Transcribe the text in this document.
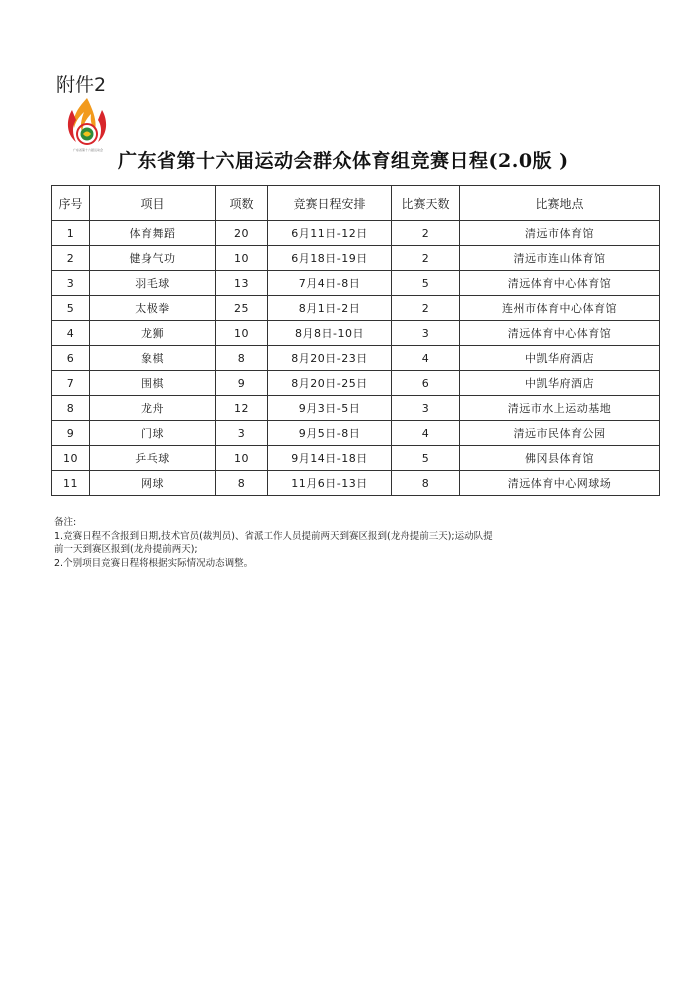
附件2
广东省第十六届运动会 广东省第十六届运动会群众体育组竞赛日程(2.0版 )
序号	项目	项数	竞赛日程安排	比赛天数	比赛地点
1	体育舞蹈	20	6月11日-12日	2	清远市体育馆
2	健身气功	10	6月18日-19日	2	清远市连山体育馆
3	羽毛球	13	7月4日-8日	5	清远体育中心体育馆
5	太极拳	25	8月1日-2日	2	连州市体育中心体育馆
4	龙狮	10	8月8日-10日	3	清远体育中心体育馆
6	象棋	8	8月20日-23日	4	中凯华府酒店
7	围棋	9	8月20日-25日	6	中凯华府酒店
8	龙舟	12	9月3日-5日	3	清远市水上运动基地
9	门球	3	9月5日-8日	4	清远市民体育公园
10	乒乓球	10	9月14日-18日	5	佛冈县体育馆
11	网球	8	11月6日-13日	8	清远体育中心网球场
备注:
1.竞赛日程不含报到日期,技术官员(裁判员)、省派工作人员提前两天到赛区报到(龙舟提前三天);运动队提
前一天到赛区报到(龙舟提前两天);
2.个别项目竞赛日程将根据实际情况动态调整。
